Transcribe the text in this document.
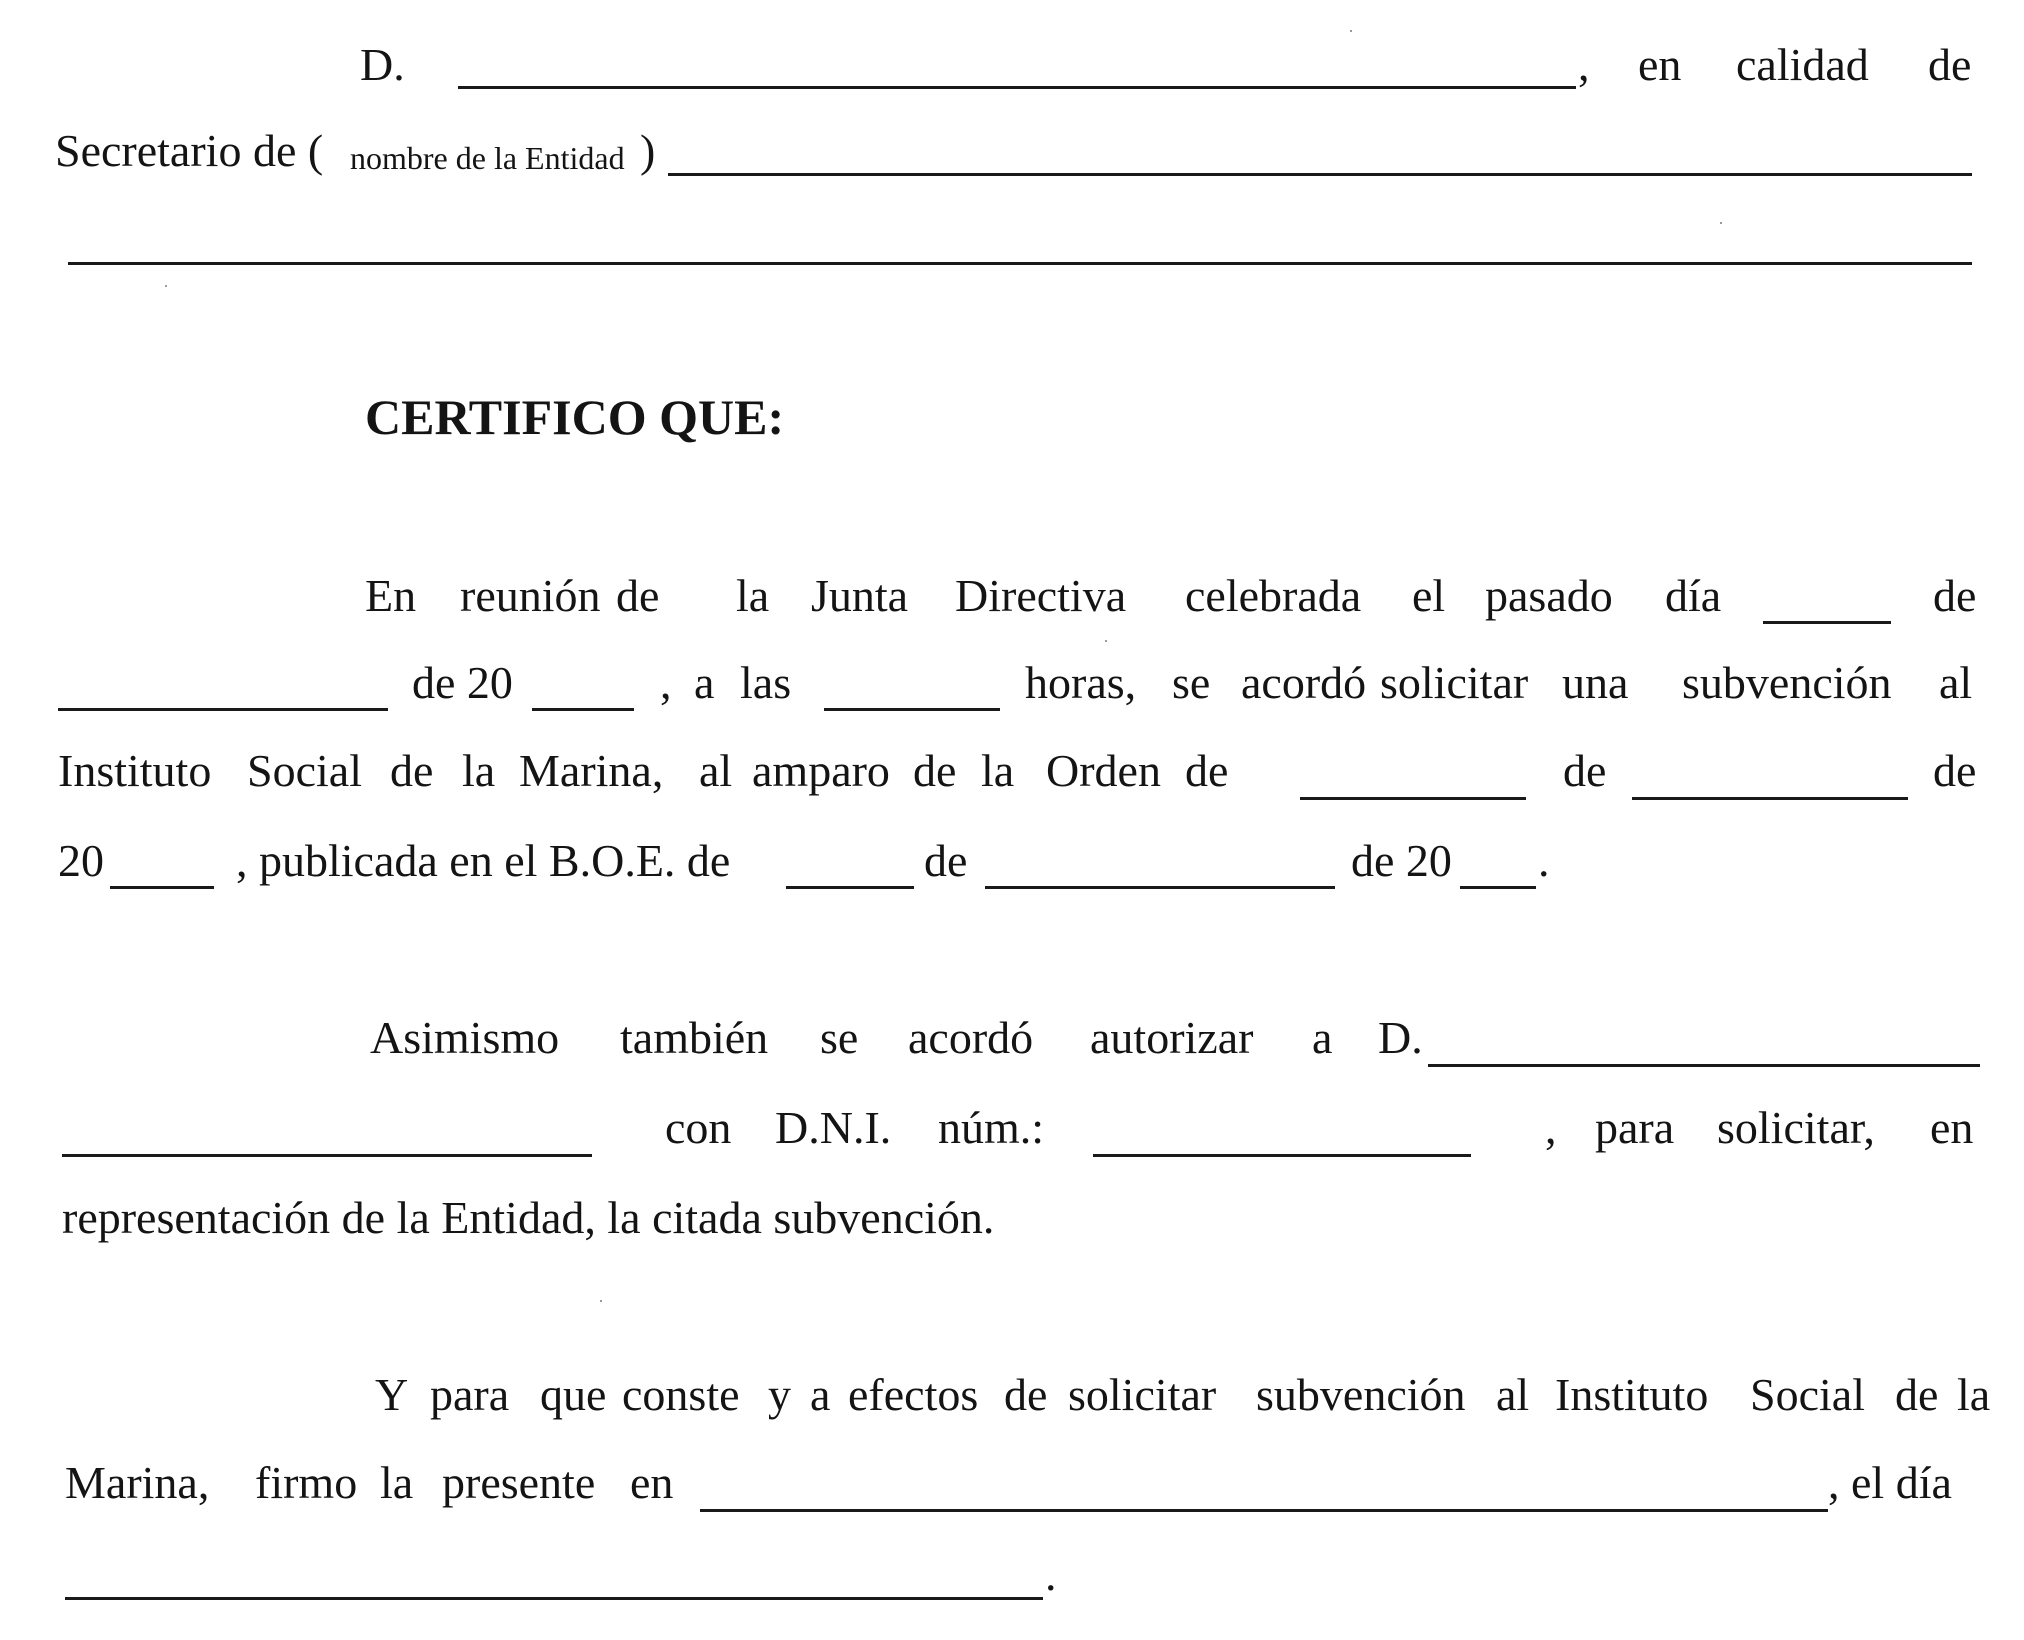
D.	, en calidad de
Secretario de ( nombre de la Entidad )
CERTIFICO QUE:
En reunión de la Junta Directiva celebrada el pasado día	de
de 20	, a las	horas, se acordó solicitar una subvención al
Instituto Social de la Marina, al amparo de la Orden de	de	de
20	, publicada en el B.O.E. de	de	de 20 .
Asimismo también se acordó autorizar a D.
con D.N.I. núm.:	, para solicitar, en
representación de la Entidad, la citada subvención.
Y para que conste y a efectos de solicitar subvención al Instituto Social de la
Marina, firmo la presente en	, el día
.
